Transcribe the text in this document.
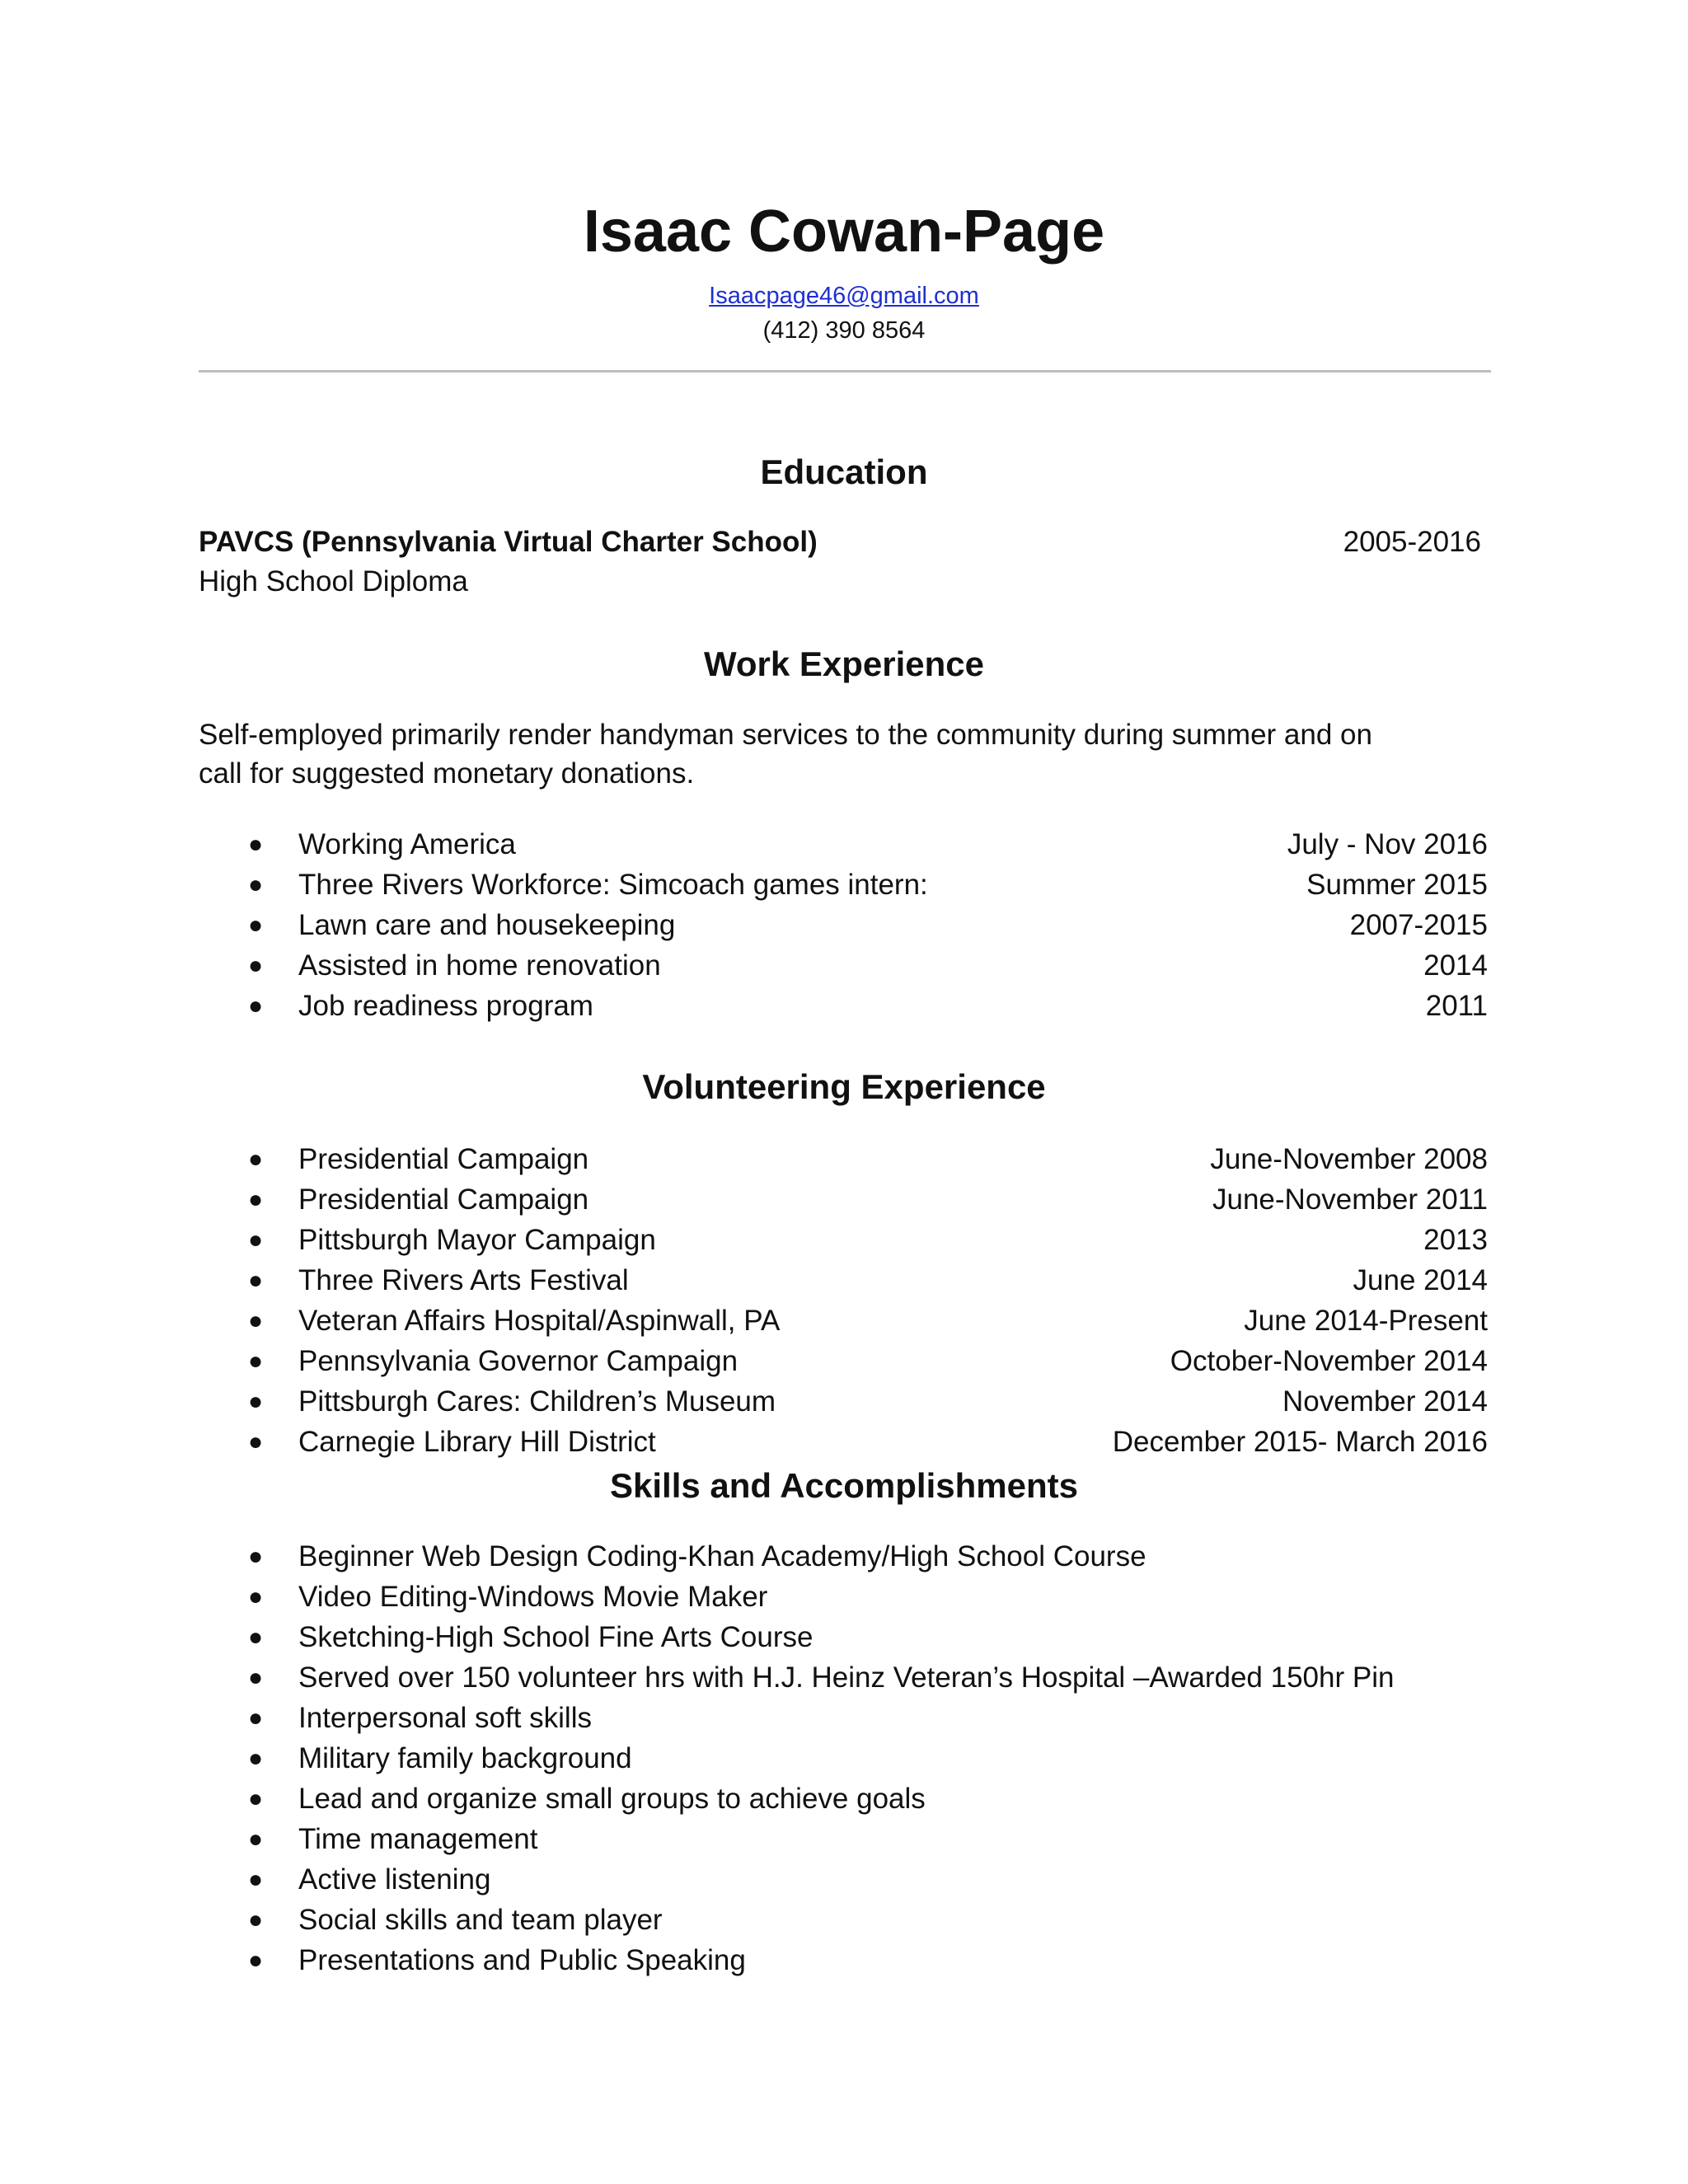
Isaac Cowan-Page
Isaacpage46@gmail.com
(412) 390 8564
Education
PAVCS (Pennsylvania Virtual Charter School)	2005-2016
High School Diploma
Work Experience
Self-employed primarily render handyman services to the community during summer and on
call for suggested monetary donations.
● Working America	July - Nov 2016
● Three Rivers Workforce: Simcoach games intern:	Summer 2015
● Lawn care and housekeeping	2007-2015
● Assisted in home renovation	2014
● Job readiness program	2011
Volunteering Experience
● Presidential Campaign	June-November 2008
● Presidential Campaign	June-November 2011
● Pittsburgh Mayor Campaign	2013
● Three Rivers Arts Festival	June 2014
● Veteran Affairs Hospital/Aspinwall, PA	June 2014-Present
● Pennsylvania Governor Campaign	October-November 2014
● Pittsburgh Cares: Children’s Museum	November 2014
● Carnegie Library Hill District	December 2015- March 2016
Skills and Accomplishments
● Beginner Web Design Coding-Khan Academy/High School Course
● Video Editing-Windows Movie Maker
● Sketching-High School Fine Arts Course
● Served over 150 volunteer hrs with H.J. Heinz Veteran’s Hospital –Awarded 150hr Pin
● Interpersonal soft skills
● Military family background
● Lead and organize small groups to achieve goals
● Time management
● Active listening
● Social skills and team player
● Presentations and Public Speaking
